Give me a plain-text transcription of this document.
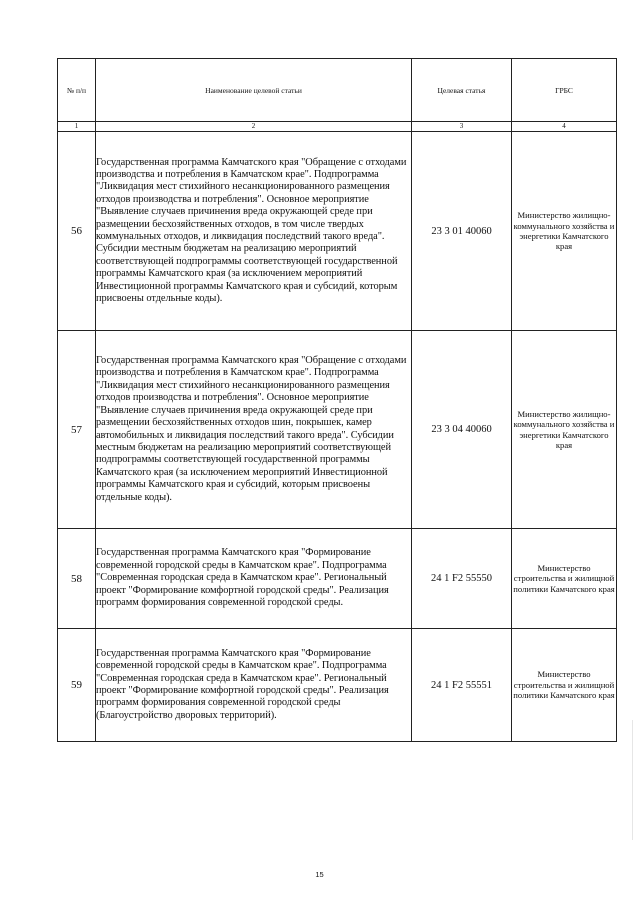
№ п/п	Наименование целевой статьи	Целевая статья	ГРБС
1	2	3	4
56	Государственная программа Камчатского края "Обращение с отходами производства и потребления в Камчатском крае". Подпрограмма "Ликвидация мест стихийного несанкционированного размещения отходов производства и потребления". Основное мероприятие "Выявление случаев причинения вреда окружающей среде при размещении бесхозяйственных отходов, в том числе твердых коммунальных отходов, и ликвидация последствий такого вреда". Субсидии местным бюджетам на реализацию мероприятий соответствующей подпрограммы соответствующей государственной программы Камчатского края (за исключением мероприятий Инвестиционной программы Камчатского края и субсидий, которым присвоены отдельные коды).	23 3 01 40060	Министерство жилищно-коммунального хозяйства и энергетики Камчатского края
57	Государственная программа Камчатского края "Обращение с отходами производства и потребления в Камчатском крае". Подпрограмма "Ликвидация мест стихийного несанкционированного размещения отходов производства и потребления". Основное мероприятие "Выявление случаев причинения вреда окружающей среде при размещении бесхозяйственных отходов шин, покрышек, камер автомобильных и ликвидация последствий такого вреда". Субсидии местным бюджетам на реализацию мероприятий соответствующей подпрограммы соответствующей государственной программы Камчатского края (за исключением мероприятий Инвестиционной программы Камчатского края и субсидий, которым присвоены отдельные коды).	23 3 04 40060	Министерство жилищно-коммунального хозяйства и энергетики Камчатского края
58	Государственная программа Камчатского края "Формирование современной городской среды в Камчатском крае". Подпрограмма "Современная городская среда в Камчатском крае". Региональный проект "Формирование комфортной городской среды". Реализация программ формирования современной городской среды.	24 1 F2 55550	Министерство строительства и жилищной политики Камчатского края
59	Государственная программа Камчатского края "Формирование современной городской среды в Камчатском крае". Подпрограмма "Современная городская среда в Камчатском крае". Региональный проект "Формирование комфортной городской среды". Реализация программ формирования современной городской среды (Благоустройство дворовых территорий).	24 1 F2 55551	Министерство строительства и жилищной политики Камчатского края
15
